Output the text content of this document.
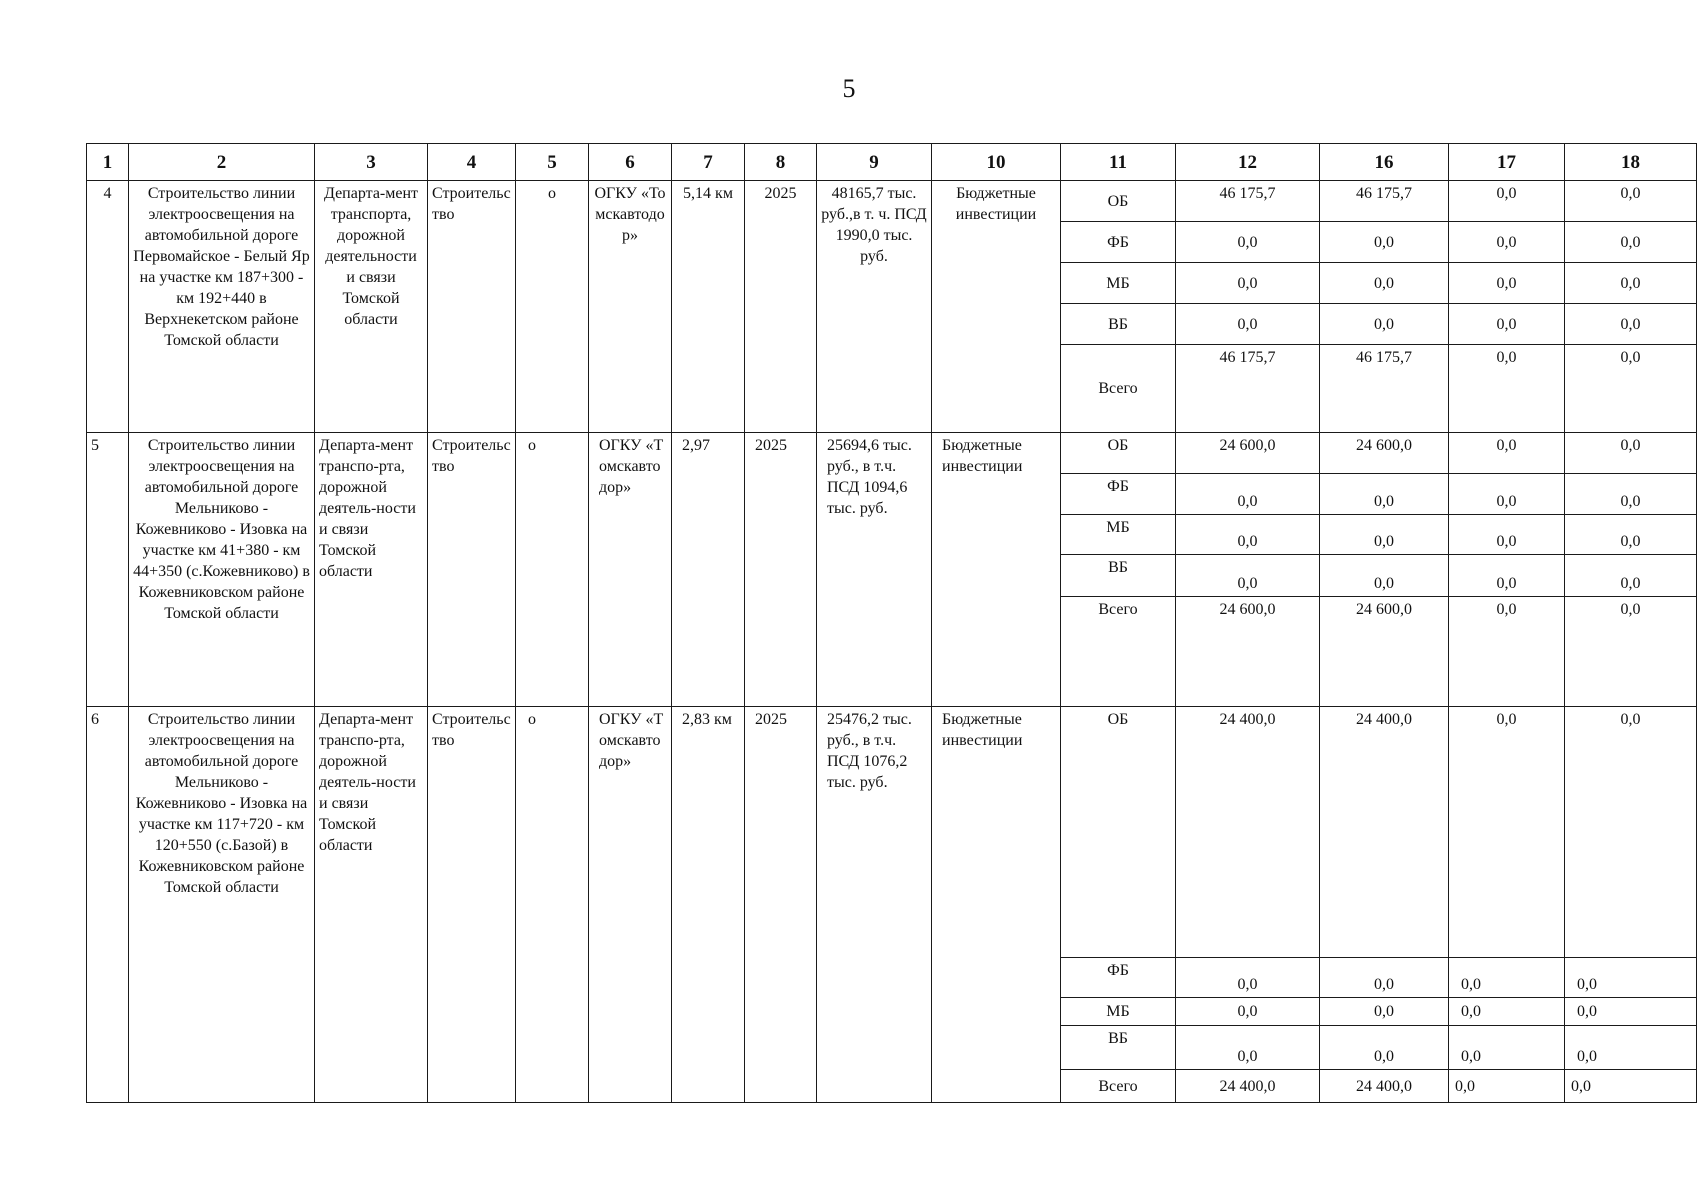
5
1	2	3	4	5	6	7	8	9	10	11	12	16	17	18
4	Строительство линии электроосвещения на автомобильной дороге Первомайское - Белый Яр на участке км 187+300 - км 192+440 в Верхнекетском районе Томской области	Департа-мент транспорта, дорожной деятельности и связи Томской области	Строительство	о	ОГКУ «Томскавтодор»	5,14 км	2025	48165,7 тыс. руб.,в т. ч. ПСД 1990,0 тыс. руб.	Бюджетные инвестиции	ОБ	46 175,7	46 175,7	0,0	0,0
										ФБ	0,0	0,0	0,0	0,0
										МБ	0,0	0,0	0,0	0,0
										ВБ	0,0	0,0	0,0	0,0
										Всего	46 175,7	46 175,7	0,0	0,0
5	Строительство линии электроосвещения на автомобильной дороге Мельниково - Кожевниково - Изовка на участке км 41+380 - км 44+350 (с.Кожевниково) в Кожевниковском районе Томской области	Департа-мент транспо-рта, дорожной деятель-ности и связи Томской области	Строительство	о	ОГКУ «Томскавтодор»	2,97	2025	25694,6 тыс. руб., в т.ч. ПСД 1094,6 тыс. руб.	Бюджетные инвестиции	ОБ	24 600,0	24 600,0	0,0	0,0
										ФБ	0,0	0,0	0,0	0,0
										МБ	0,0	0,0	0,0	0,0
										ВБ	0,0	0,0	0,0	0,0
										Всего	24 600,0	24 600,0	0,0	0,0
6	Строительство линии электроосвещения на автомобильной дороге Мельниково - Кожевниково - Изовка на участке км 117+720 - км 120+550 (с.Базой) в Кожевниковском районе Томской области	Департа-мент транспо-рта, дорожной деятель-ности и связи Томской области	Строительство	о	ОГКУ «Томскавтодор»	2,83 км	2025	25476,2 тыс. руб., в т.ч. ПСД 1076,2 тыс. руб.	Бюджетные инвестиции	ОБ	24 400,0	24 400,0	0,0	0,0
										ФБ	0,0	0,0	0,0	0,0
										МБ	0,0	0,0	0,0	0,0
										ВБ	0,0	0,0	0,0	0,0
										Всего	24 400,0	24 400,0	0,0	0,0
